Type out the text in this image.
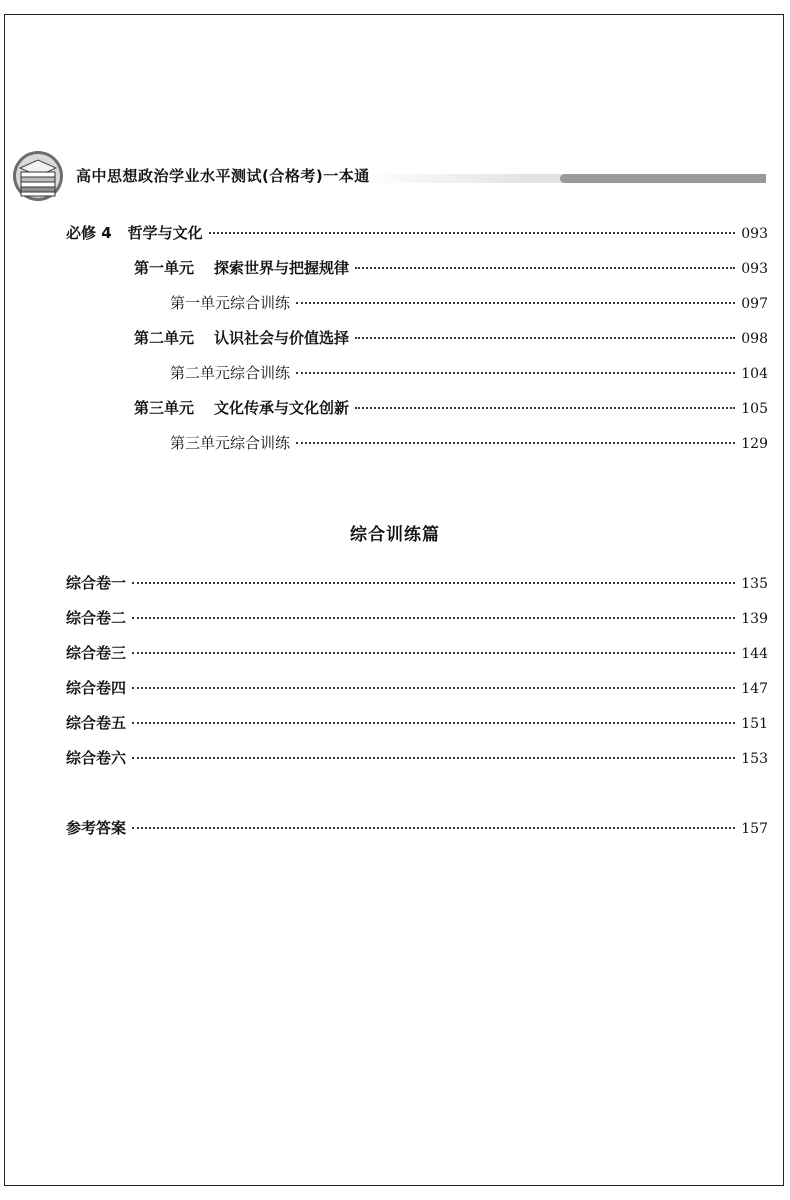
高中思想政治学业水平测试(合格考)一本通
必修 4 哲学与文化	093
第一单元 探索世界与把握规律	093
第一单元综合训练	097
第二单元 认识社会与价值选择	098
第二单元综合训练	104
第三单元 文化传承与文化创新	105
第三单元综合训练	129
综合训练篇
综合卷一	135
综合卷二	139
综合卷三	144
综合卷四	147
综合卷五	151
综合卷六	153
参考答案	157
